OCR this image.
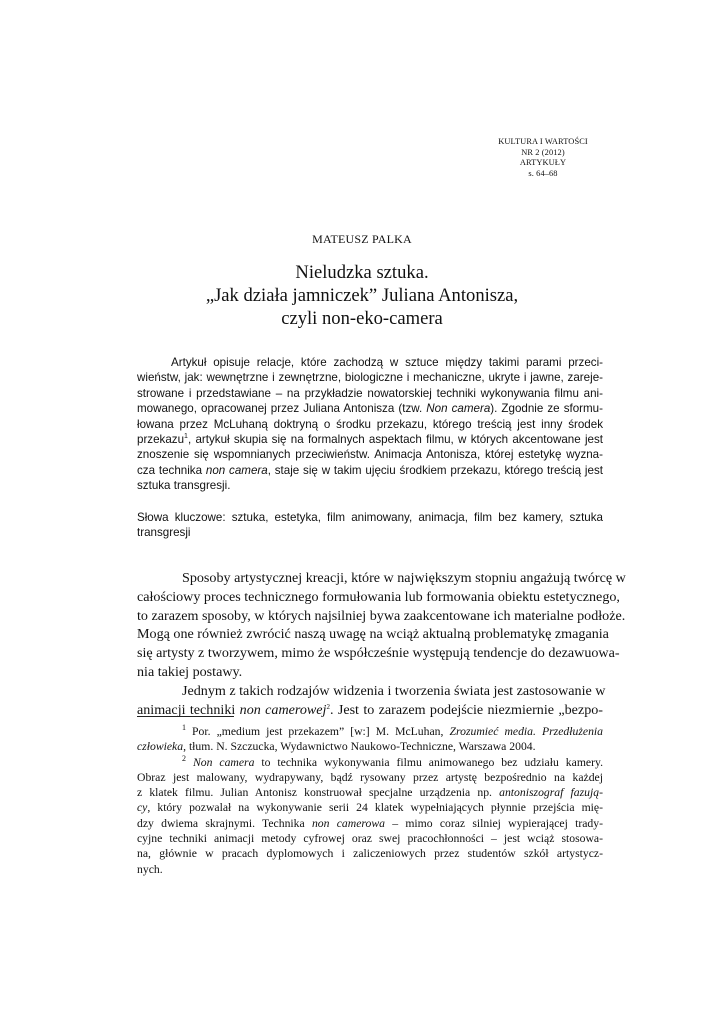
KULTURA I WARTOŚCI
NR 2 (2012)
ARTYKUŁY
s. 64–68
MATEUSZ PALKA
Nieludzka sztuka.
„Jak działa jamniczek” Juliana Antonisza,
czyli non-eko-camera
Artykuł opisuje relacje, które zachodzą w sztuce między takimi parami przeci-
wieństw, jak: wewnętrzne i zewnętrzne, biologiczne i mechaniczne, ukryte i jawne, zareje-
strowane i przedstawiane – na przykładzie nowatorskiej techniki wykonywania filmu ani-
mowanego, opracowanej przez Juliana Antonisza (tzw. Non camera). Zgodnie ze sformu-
łowana przez McLuhaną doktryną o środku przekazu, którego treścią jest inny środek
przekazu$^1$, artykuł skupia się na formalnych aspektach filmu, w których akcentowane jest
znoszenie się wspomnianych przeciwieństw. Animacja Antonisza, której estetykę wyzna-
cza technika non camera, staje się w takim ujęciu środkiem przekazu, którego treścią jest
sztuka transgresji.
Słowa kluczowe: sztuka, estetyka, film animowany, animacja, film bez kamery, sztuka
transgresji
Sposoby artystycznej kreacji, które w największym stopniu angażują twórcę w
całościowy proces technicznego formułowania lub formowania obiektu estetycznego,
to zarazem sposoby, w których najsilniej bywa zaakcentowane ich materialne podłoże.
Mogą one również zwrócić naszą uwagę na wciąż aktualną problematykę zmagania
się artysty z tworzywem, mimo że współcześnie występują tendencje do dezawuowa-
nia takiej postawy.
Jednym z takich rodzajów widzenia i tworzenia świata jest zastosowanie w
animacji techniki non camerowej$^2$. Jest to zarazem podejście niezmiernie „bezpo-
$^1$ Por. „medium jest przekazem” [w:] M. McLuhan, Zrozumieć media. Przedłużenia
człowieka, tłum. N. Szczucka, Wydawnictwo Naukowo-Techniczne, Warszawa 2004.
$^2$ Non camera to technika wykonywania filmu animowanego bez udziału kamery.
Obraz jest malowany, wydrapywany, bądź rysowany przez artystę bezpośrednio na każdej
z klatek filmu. Julian Antonisz konstruował specjalne urządzenia np. antoniszograf fazują-
cy, który pozwalał na wykonywanie serii 24 klatek wypełniających płynnie przejścia mię-
dzy dwiema skrajnymi. Technika non camerowa – mimo coraz silniej wypierającej trady-
cyjne techniki animacji metody cyfrowej oraz swej pracochłonności – jest wciąż stosowa-
na, głównie w pracach dyplomowych i zaliczeniowych przez studentów szkół artystycz-
nych.
